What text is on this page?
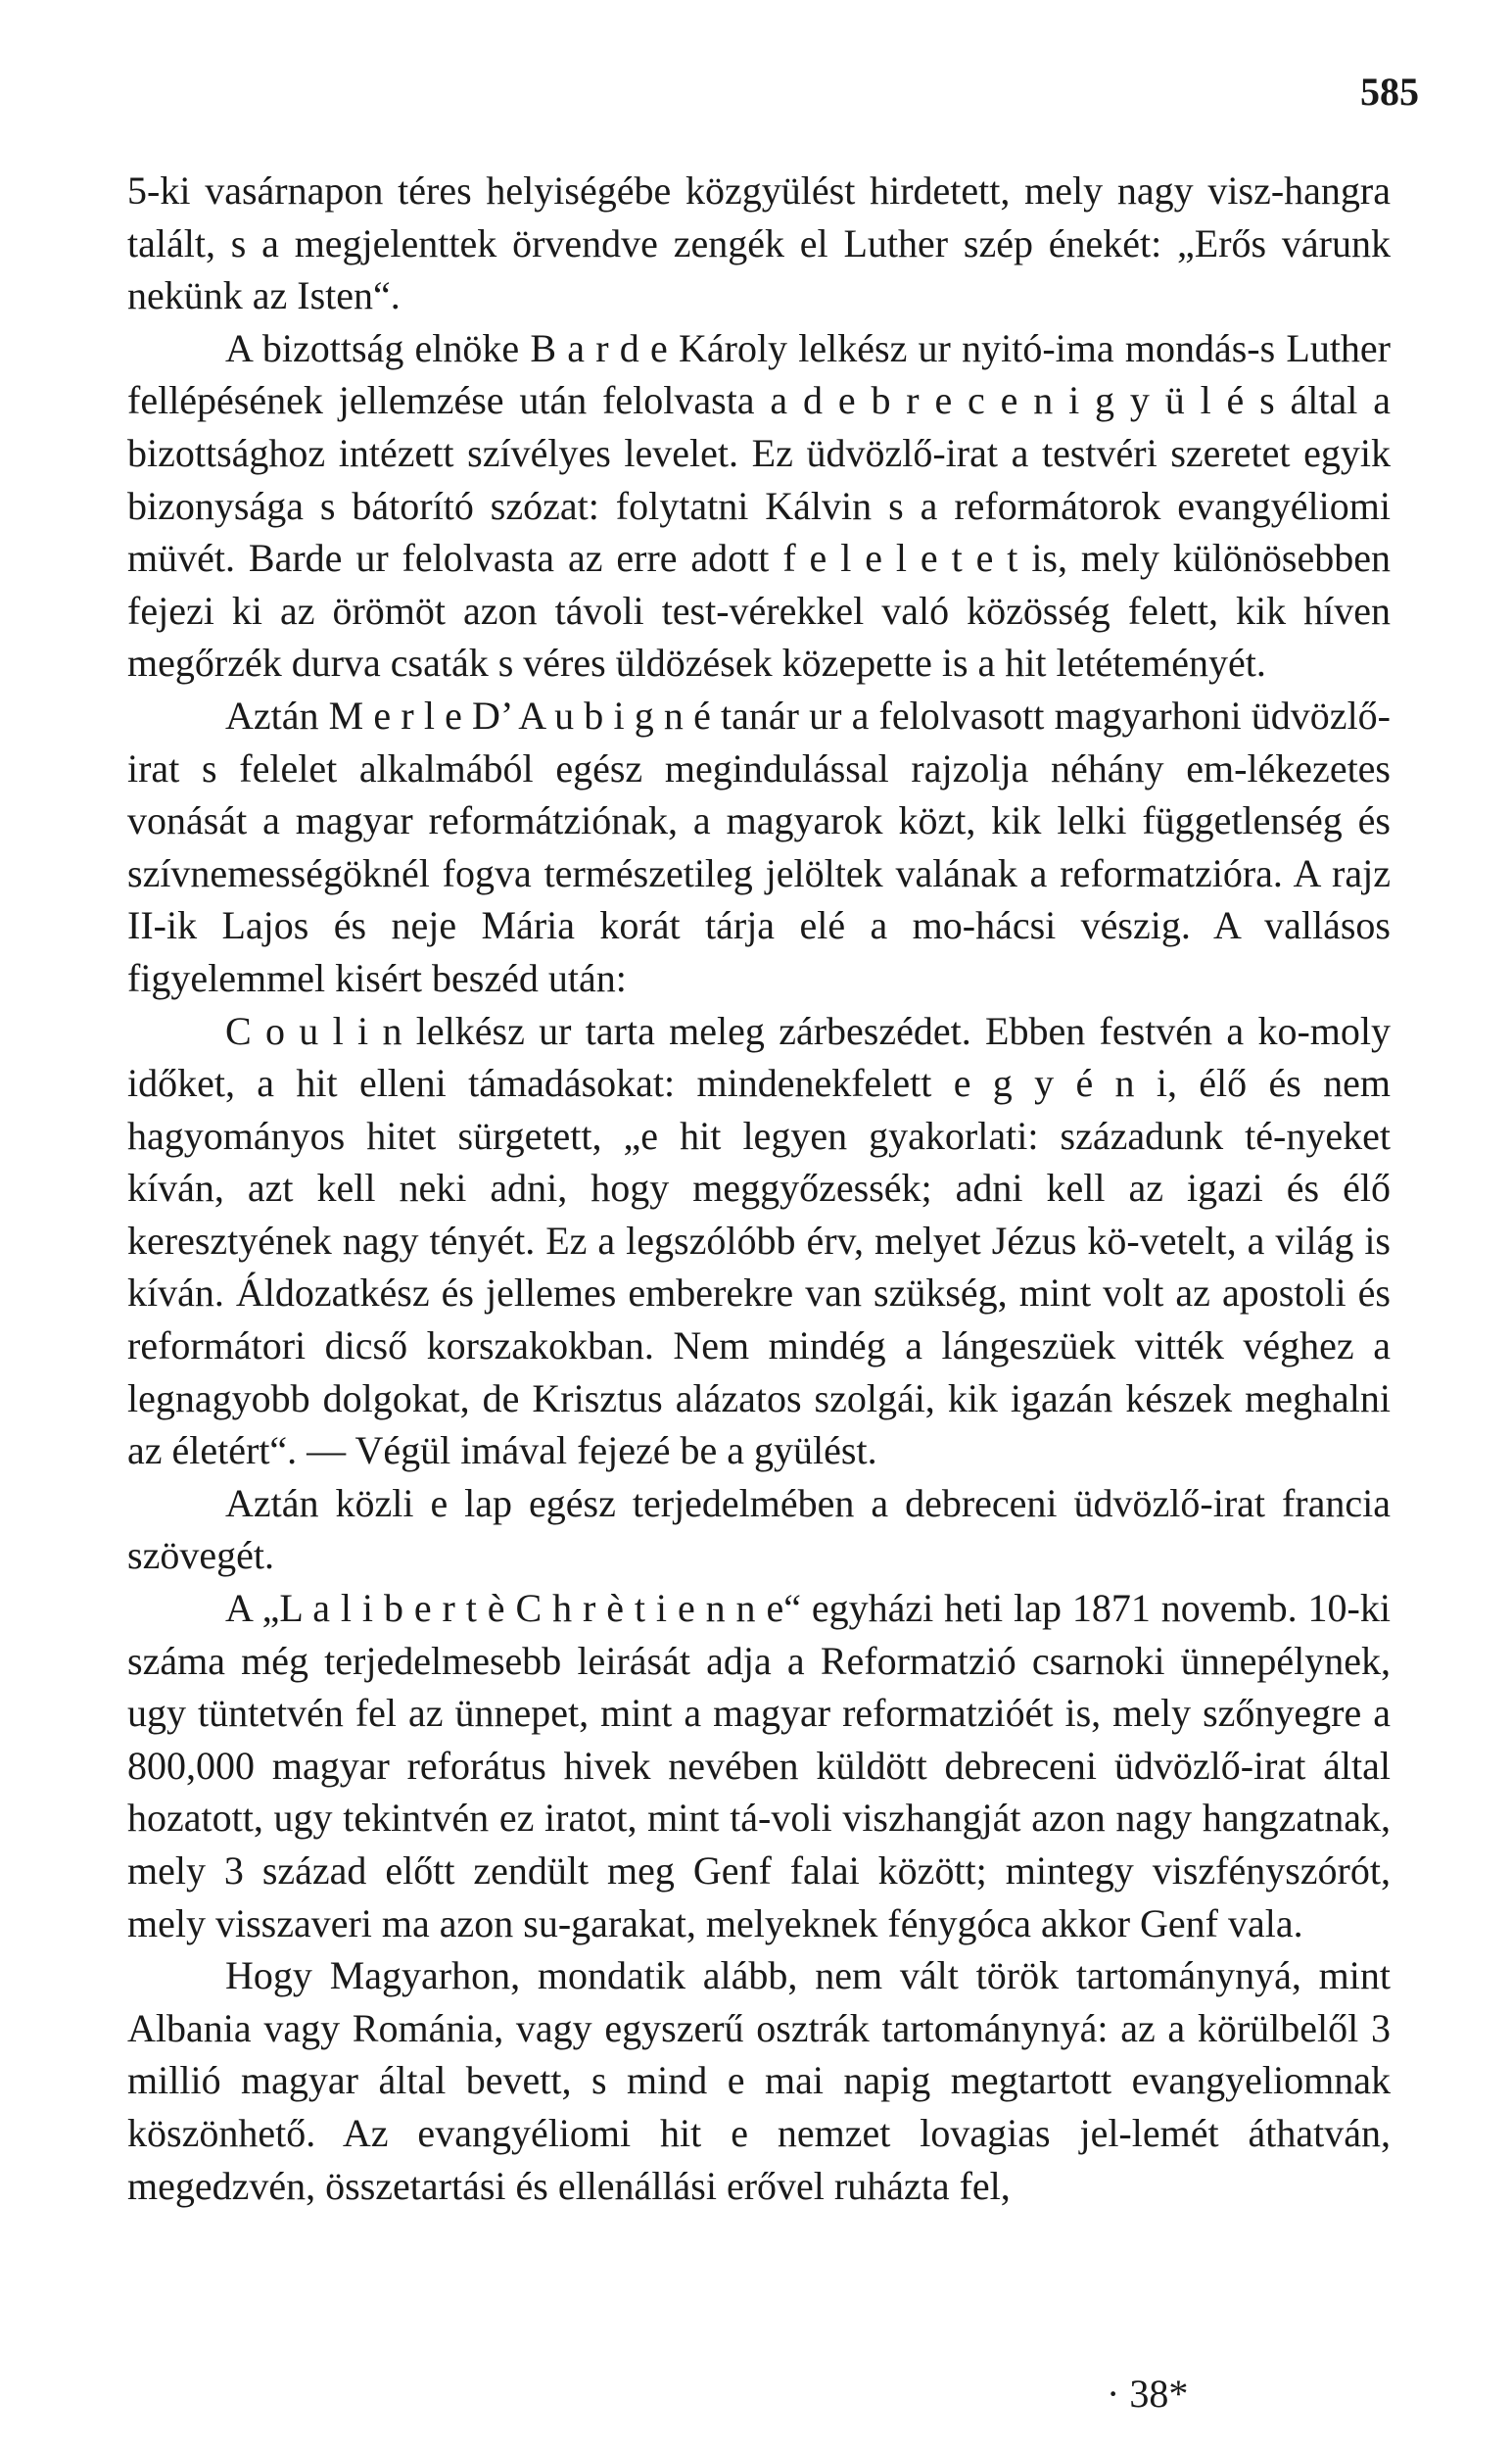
585

5-ki vasárnapon téres helyiségébe közgyülést hirdetett, mely nagy visz-hangra talált, s a megjelenttek örvendve zengék el Luther szép énekét: „Erős várunk nekünk az Isten“.

A bizottság elnöke B a r d e Károly lelkész ur nyitó-ima mondás-s Luther fellépésének jellemzése után felolvasta a d e b r e c e n i g y ü l é s által a bizottsághoz intézett szívélyes levelet. Ez üdvözlő-irat a testvéri szeretet egyik bizonysága s bátorító szózat: folytatni Kálvin s a reformátorok evangyéliomi müvét. Barde ur felolvasta az erre adott f e l e l e t e t is, mely különösebben fejezi ki az örömöt azon távoli test-vérekkel való közösség felett, kik híven megőrzék durva csaták s véres üldözések közepette is a hit letéteményét.

Aztán M e r l e D’ A u b i g n é tanár ur a felolvasott magyarhoni üdvözlő-irat s felelet alkalmából egész megindulással rajzolja néhány em-lékezetes vonását a magyar reformátziónak, a magyarok közt, kik lelki függetlenség és szívnemességöknél fogva természetileg jelöltek valának a reformatzióra. A rajz II-ik Lajos és neje Mária korát tárja elé a mo-hácsi vészig. A vallásos figyelemmel kisért beszéd után:

C o u l i n lelkész ur tarta meleg zárbeszédet. Ebben festvén a ko-moly időket, a hit elleni támadásokat: mindenekfelett e g y é n i, élő és nem hagyományos hitet sürgetett, „e hit legyen gyakorlati: századunk té-nyeket kíván, azt kell neki adni, hogy meggyőzessék; adni kell az igazi és élő keresztyének nagy tényét. Ez a legszólóbb érv, melyet Jézus kö-vetelt, a világ is kíván. Áldozatkész és jellemes emberekre van szükség, mint volt az apostoli és reformátori dicső korszakokban. Nem mindég a lángeszüek vitték véghez a legnagyobb dolgokat, de Krisztus alázatos szolgái, kik igazán készek meghalni az életért“. — Végül imával fejezé be a gyülést.

Aztán közli e lap egész terjedelmében a debreceni üdvözlő-irat francia szövegét.

A „L a l i b e r t è C h r è t i e n n e“ egyházi heti lap 1871 novemb. 10-ki száma még terjedelmesebb leirását adja a Reformatzió csarnoki ünnepélynek, ugy tüntetvén fel az ünnepet, mint a magyar reformatzióét is, mely szőnyegre a 800,000 magyar reforátus hivek nevében küldött debreceni üdvözlő-irat által hozatott, ugy tekintvén ez iratot, mint tá-voli viszhangját azon nagy hangzatnak, mely 3 század előtt zendült meg Genf falai között; mintegy viszfényszórót, mely visszaveri ma azon su-garakat, melyeknek fénygóca akkor Genf vala.

Hogy Magyarhon, mondatik alább, nem vált török tartománynyá, mint Albania vagy Románia, vagy egyszerű osztrák tartománynyá: az a körülbelől 3 millió magyar által bevett, s mind e mai napig megtartott evangyeliomnak köszönhető. Az evangyéliomi hit e nemzet lovagias jel-lemét áthatván, megedzvén, összetartási és ellenállási erővel ruházta fel,

· 38*
